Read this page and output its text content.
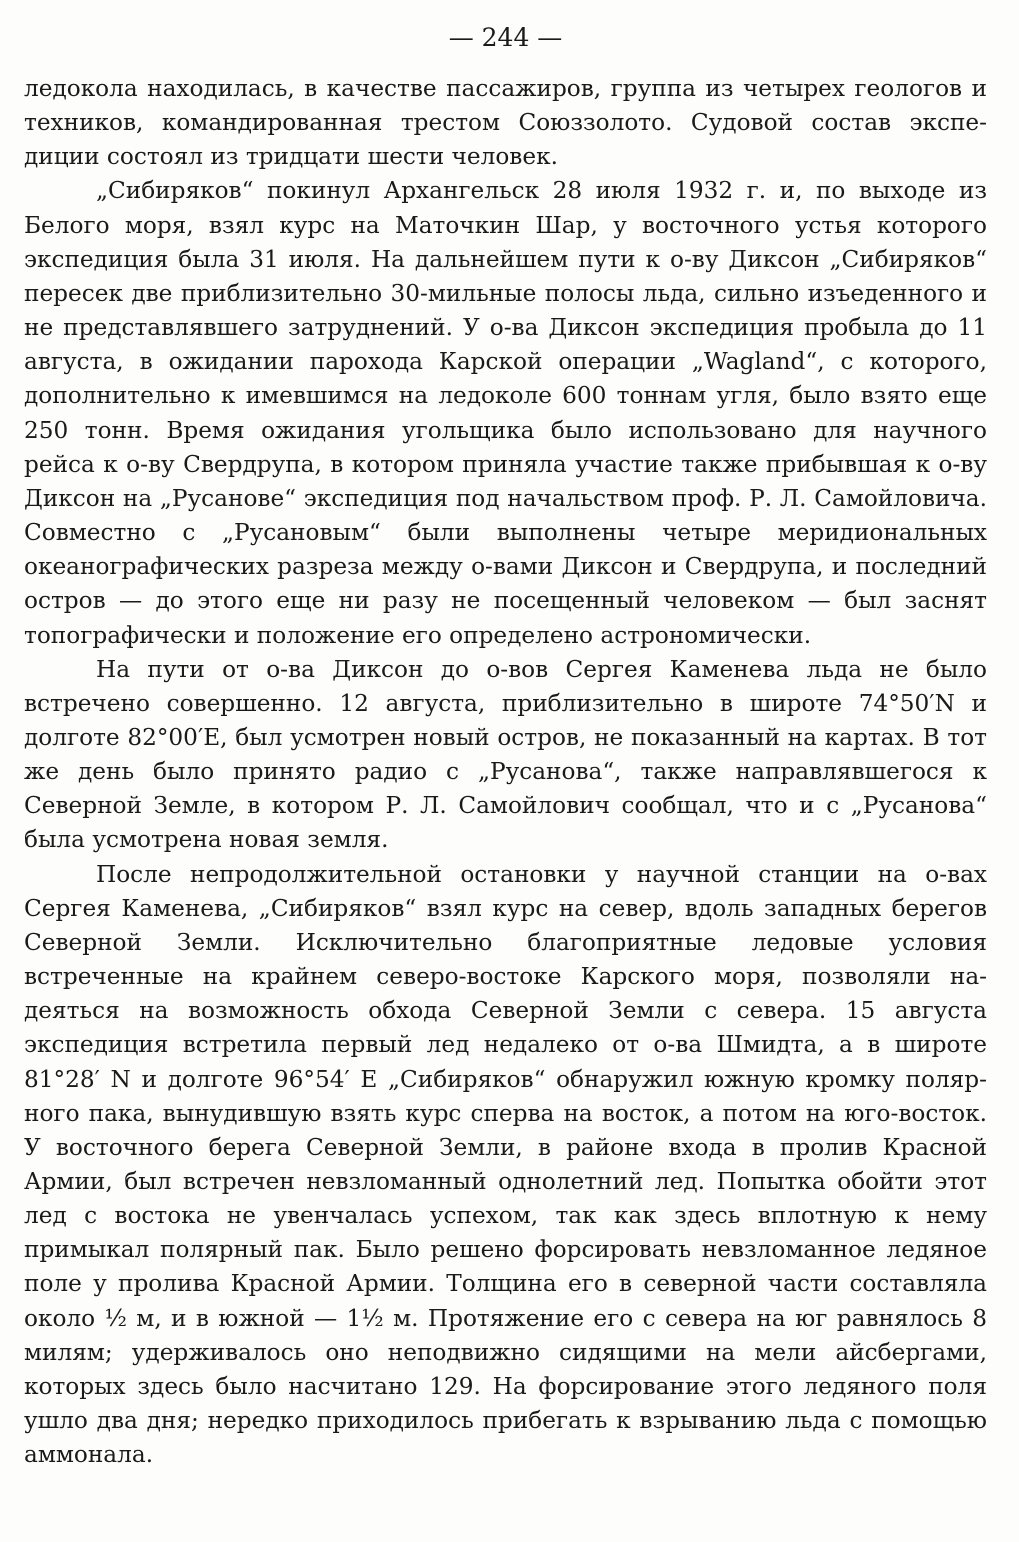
— 244 —

ледокола находилась, в качестве пассажиров, группа из четырех геологов и техников, командированная трестом Союззолото. Судовой состав экспедиции состоял из тридцати шести человек.

„Сибиряков“ покинул Архангельск 28 июля 1932 г. и, по выходе из Белого моря, взял курс на Маточкин Шар, у восточного устья которого экспедиция была 31 июля. На дальнейшем пути к о-ву Диксон „Сибиряков“ пересек две приблизительно 30-мильные полосы льда, сильно изъеденного и не представлявшего затруднений. У о-ва Диксон экспедиция пробыла до 11 августа, в ожидании парохода Карской операции „Wagland“, с которого, дополнительно к имевшимся на ледоколе 600 тоннам угля, было взято еще 250 тонн. Время ожидания угольщика было использовано для научного рейса к о-ву Свердрупа, в котором приняла участие также прибывшая к о-ву Диксон на „Русанове“ экспедиция под начальством проф. Р. Л. Самойловича. Совместно с „Русановым“ были выполнены четыре меридиональных океанографических разреза между о-вами Диксон и Свердрупа, и последний остров — до этого еще ни разу не посещенный человеком — был заснят топографически и положение его определено астрономически.

На пути от о-ва Диксон до о-вов Сергея Каменева льда не было встречено совершенно. 12 августа, приблизительно в широте 74°50′N и долготе 82°00′E, был усмотрен новый остров, не показанный на картах. В тот же день было принято радио с „Русанова“, также направлявшегося к Северной Земле, в котором Р. Л. Самойлович сообщал, что и с „Русанова“ была усмотрена новая земля.

После непродолжительной остановки у научной станции на о-вах Сергея Каменева, „Сибиряков“ взял курс на север, вдоль западных берегов Северной Земли. Исключительно благоприятные ледовые условия встреченные на крайнем северо-востоке Карского моря, позволяли надеяться на возможность обхода Северной Земли с севера. 15 августа экспедиция встретила первый лед недалеко от о-ва Шмидта, а в широте 81°28′ N и долготе 96°54′ E „Сибиряков“ обнаружил южную кромку полярного пака, вынудившую взять курс сперва на восток, а потом на юго-восток. У восточного берега Северной Земли, в районе входа в пролив Красной Армии, был встречен невзломанный однолетний лед. Попытка обойти этот лед с востока не увенчалась успехом, так как здесь вплотную к нему примыкал полярный пак. Было решено форсировать невзломанное ледяное поле у пролива Красной Армии. Толщина его в северной части составляла около ½ м, и в южной — 1½ м. Протяжение его с севера на юг равнялось 8 милям; удерживалось оно неподвижно сидящими на мели айсбергами, которых здесь было насчитано 129. На форсирование этого ледяного поля ушло два дня; нередко приходилось прибегать к взрыванию льда с помощью аммонала.
